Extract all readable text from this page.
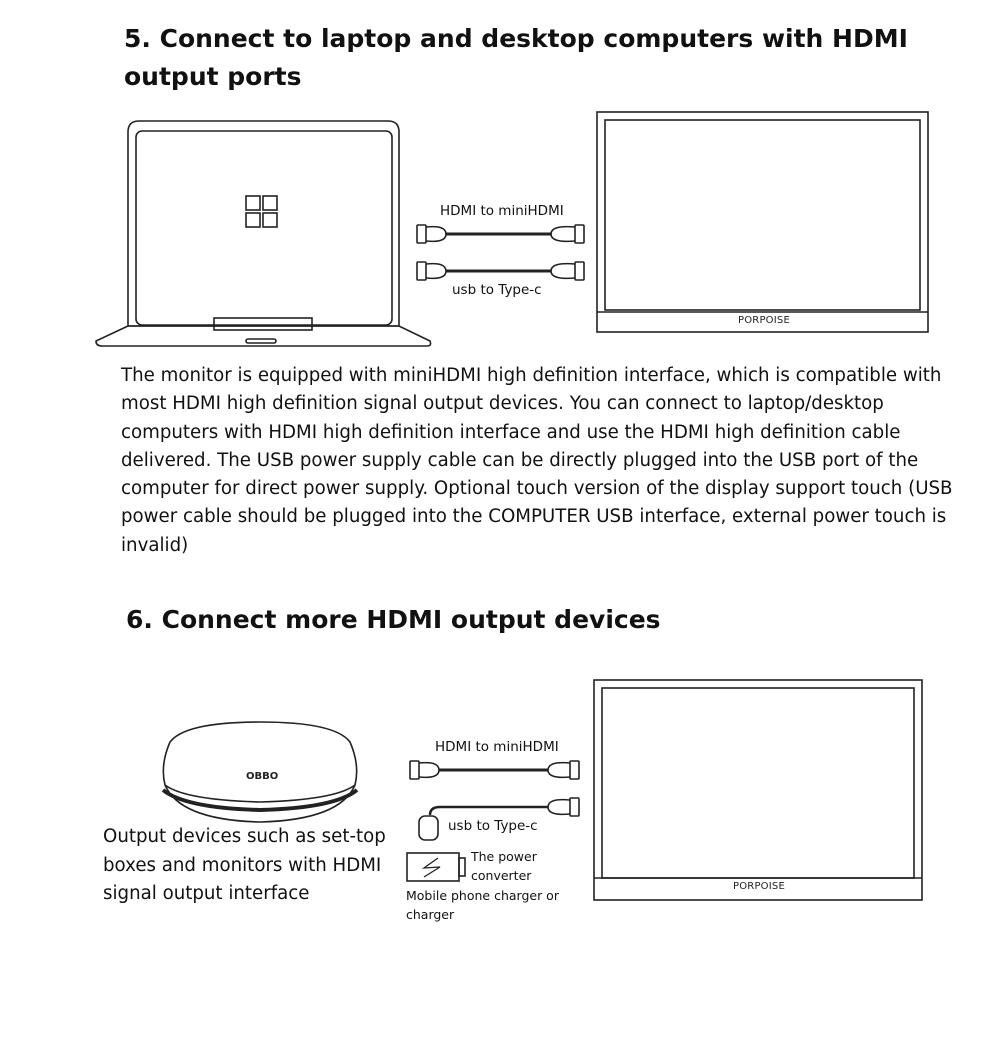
5. Connect to laptop and desktop computers with HDMI output ports
The monitor is equipped with miniHDMI high definition interface, which is compatible with most HDMI high definition signal output devices. You can connect to laptop/desktop computers with HDMI high definition interface and use the HDMI high definition cable delivered. The USB power supply cable can be directly plugged into the USB port of the computer for direct power supply. Optional touch version of the display support touch (USB power cable should be plugged into the COMPUTER USB interface, external power touch is invalid)
6. Connect more HDMI output devices
HDMI to miniHDMI
usb to Type-c
PORPOISE
OBBO
Output devices such as set-top boxes and monitors with HDMI signal output interface
HDMI to miniHDMI
usb to Type-c
The power converter
Mobile phone charger or charger
PORPOISE
